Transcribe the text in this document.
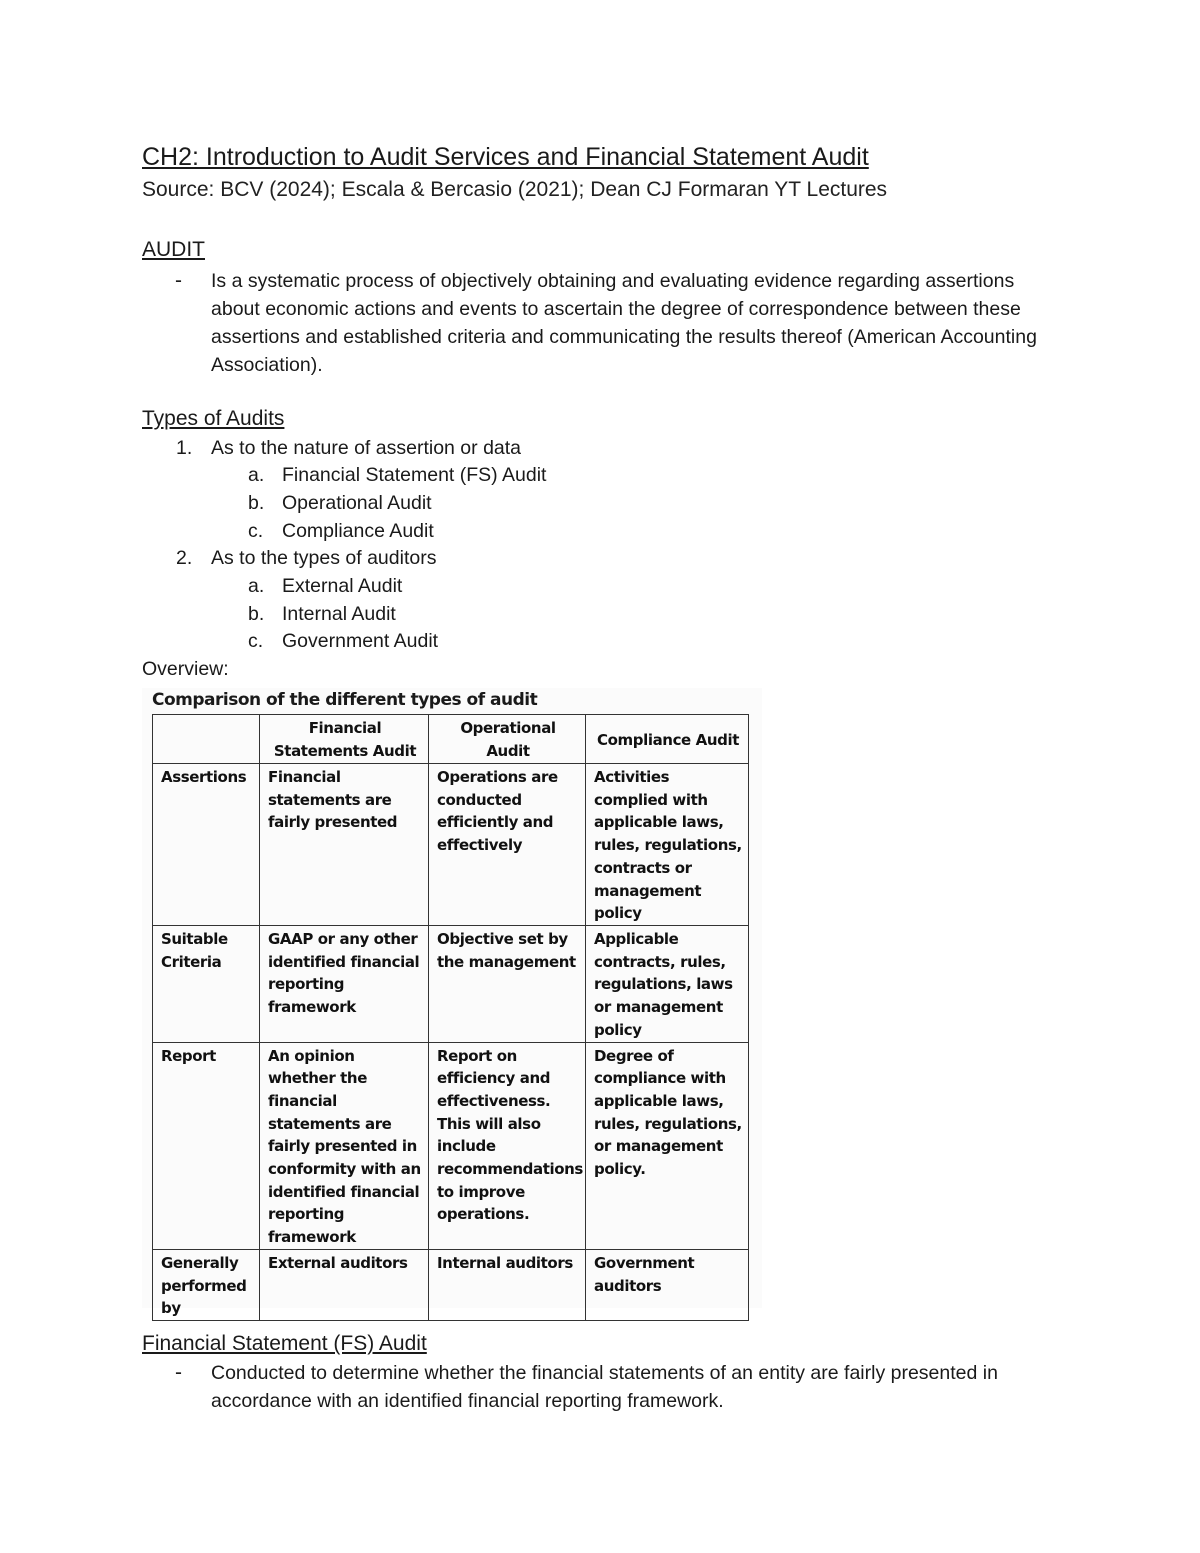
CH2: Introduction to Audit Services and Financial Statement Audit

Source: BCV (2024); Escala & Bercasio (2021); Dean CJ Formaran YT Lectures

AUDIT
- Is a systematic process of objectively obtaining and evaluating evidence regarding assertions about economic actions and events to ascertain the degree of correspondence between these assertions and established criteria and communicating the results thereof (American Accounting Association).

Types of Audits
1. As to the nature of assertion or data
a. Financial Statement (FS) Audit
b. Operational Audit
c. Compliance Audit
2. As to the types of auditors
a. External Audit
b. Internal Audit
c. Government Audit

Overview:

Comparison of the different types of audit
	Financial Statements Audit	Operational Audit	Compliance Audit
Assertions	Financial statements are fairly presented	Operations are conducted efficiently and effectively	Activities complied with applicable laws, rules, regulations, contracts or management policy
Suitable Criteria	GAAP or any other identified financial reporting framework	Objective set by the management	Applicable contracts, rules, regulations, laws or management policy
Report	An opinion whether the financial statements are fairly presented in conformity with an identified financial reporting framework	Report on efficiency and effectiveness. This will also include recommendations to improve operations.	Degree of compliance with applicable laws, rules, regulations, or management policy.
Generally performed by	External auditors	Internal auditors	Government auditors
Financial Statement (FS) Audit
- Conducted to determine whether the financial statements of an entity are fairly presented in accordance with an identified financial reporting framework.
